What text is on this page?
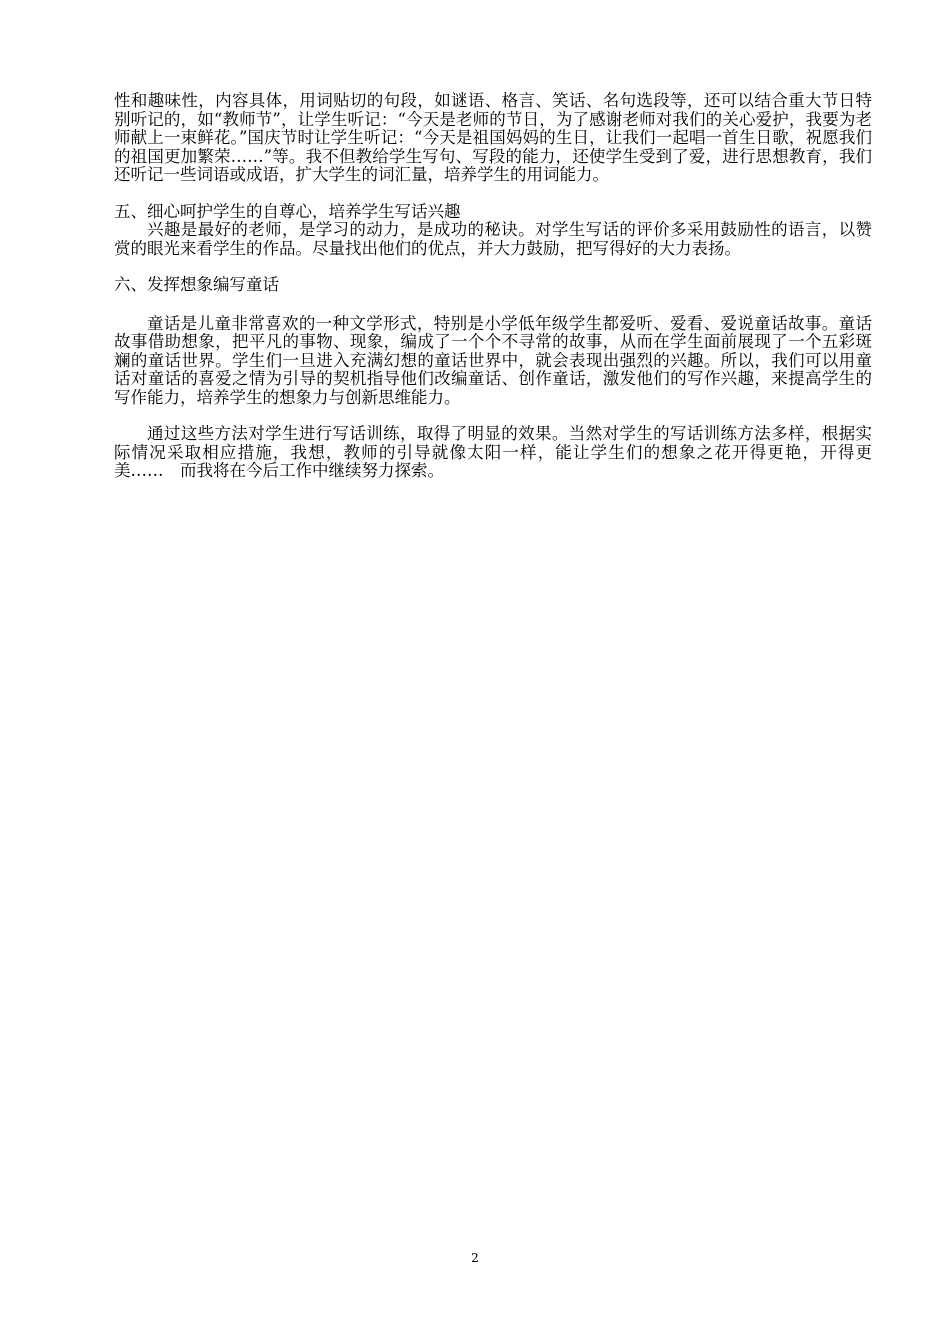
性和趣味性，内容具体，用词贴切的句段，如谜语、格言、笑话、名句选段等，还可以结合重大节日特别听记的，如“教师节”，让学生听记：“今天是老师的节日，为了感谢老师对我们的关心爱护，我要为老师献上一束鲜花。”国庆节时让学生听记：“今天是祖国妈妈的生日，让我们一起唱一首生日歌，祝愿我们的祖国更加繁荣……”等。我不但教给学生写句、写段的能力，还使学生受到了爱，进行思想教育，我们还听记一些词语或成语，扩大学生的词汇量，培养学生的用词能力。

五、细心呵护学生的自尊心，培养学生写话兴趣

兴趣是最好的老师，是学习的动力，是成功的秘诀。对学生写话的评价多采用鼓励性的语言，以赞赏的眼光来看学生的作品。尽量找出他们的优点，并大力鼓励，把写得好的大力表扬。

六、发挥想象编写童话

童话是儿童非常喜欢的一种文学形式，特别是小学低年级学生都爱听、爱看、爱说童话故事。童话故事借助想象，把平凡的事物、现象，编成了一个个不寻常的故事，从而在学生面前展现了一个五彩斑斓的童话世界。学生们一旦进入充满幻想的童话世界中，就会表现出强烈的兴趣。所以，我们可以用童话对童话的喜爱之情为引导的契机指导他们改编童话、创作童话，激发他们的写作兴趣，来提高学生的写作能力，培养学生的想象力与创新思维能力。

通过这些方法对学生进行写话训练，取得了明显的效果。当然对学生的写话训练方法多样，根据实际情况采取相应措施，我想，教师的引导就像太阳一样，能让学生们的想象之花开得更艳，开得更美……　而我将在今后工作中继续努力探索。

2
